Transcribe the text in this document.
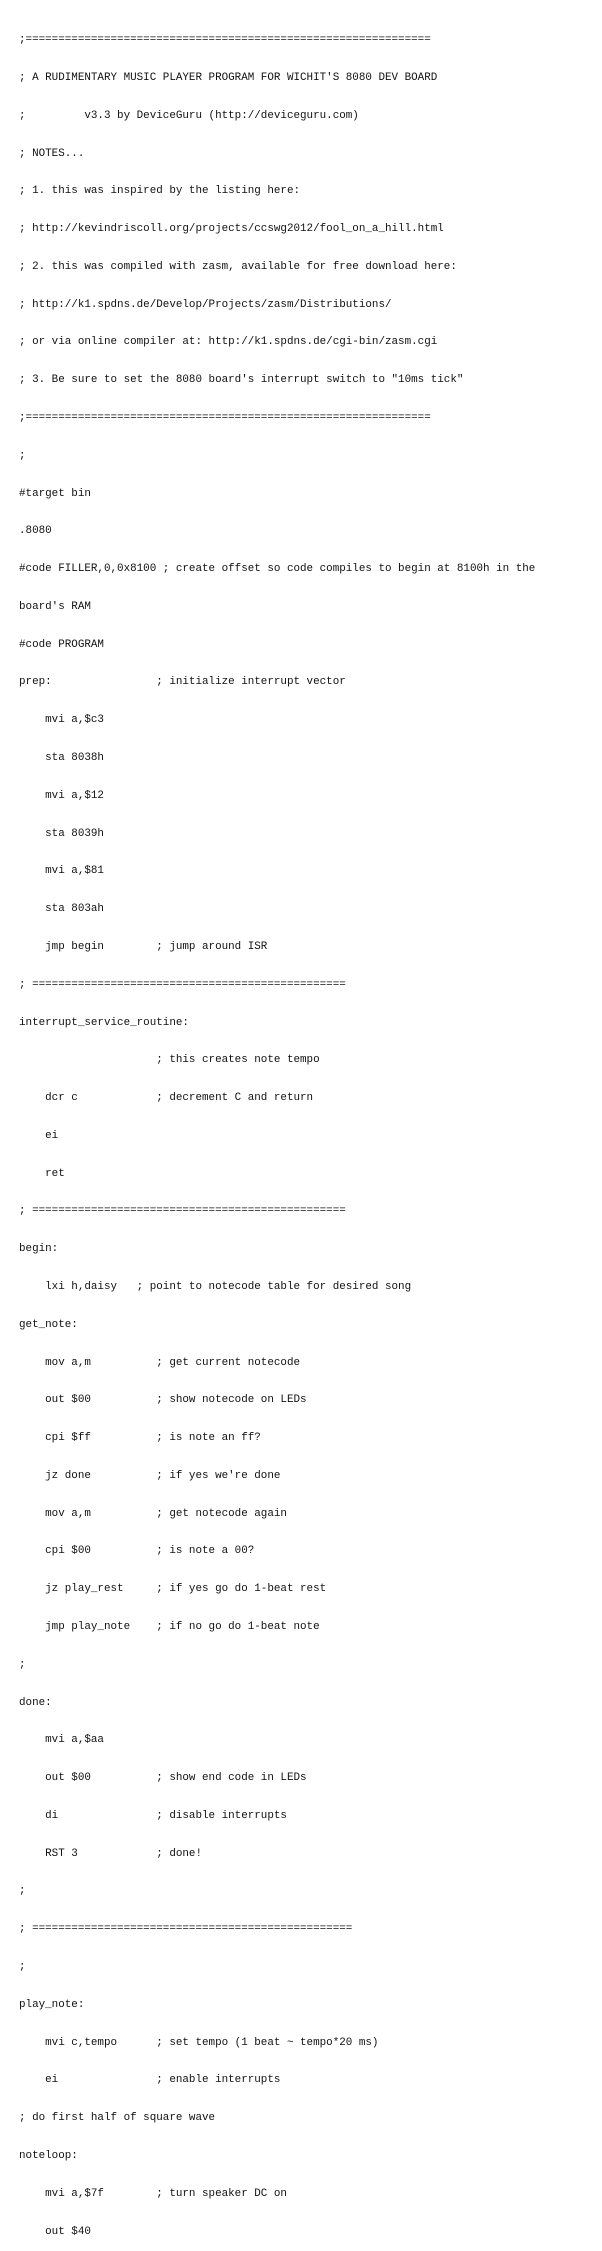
;==============================================================

; A RUDIMENTARY MUSIC PLAYER PROGRAM FOR WICHIT'S 8080 DEV BOARD

;         v3.3 by DeviceGuru (http://deviceguru.com)

; NOTES...

; 1. this was inspired by the listing here:

; http://kevindriscoll.org/projects/ccswg2012/fool_on_a_hill.html

; 2. this was compiled with zasm, available for free download here:

; http://k1.spdns.de/Develop/Projects/zasm/Distributions/

; or via online compiler at: http://k1.spdns.de/cgi-bin/zasm.cgi

; 3. Be sure to set the 8080 board's interrupt switch to "10ms tick"

;==============================================================

;

#target bin

.8080

#code FILLER,0,0x8100 ; create offset so code compiles to begin at 8100h in the

board's RAM

#code PROGRAM

prep:                ; initialize interrupt vector

mvi a,$c3

sta 8038h

mvi a,$12

sta 8039h

mvi a,$81

sta 803ah

jmp begin        ; jump around ISR

; ================================================

interrupt_service_routine:

; this creates note tempo

dcr c            ; decrement C and return

ei

ret

; ================================================

begin:

lxi h,daisy   ; point to notecode table for desired song

get_note:

mov a,m          ; get current notecode

out $00          ; show notecode on LEDs

cpi $ff          ; is note an ff?

jz done          ; if yes we're done

mov a,m          ; get notecode again

cpi $00          ; is note a 00?

jz play_rest     ; if yes go do 1-beat rest

jmp play_note    ; if no go do 1-beat note

;

done:

mvi a,$aa

out $00          ; show end code in LEDs

di               ; disable interrupts

RST 3            ; done!

;

; =================================================

;

play_note:

mvi c,tempo      ; set tempo (1 beat ~ tempo*20 ms)

ei               ; enable interrupts

; do first half of square wave

noteloop:

mvi a,$7f        ; turn speaker DC on

out $40
